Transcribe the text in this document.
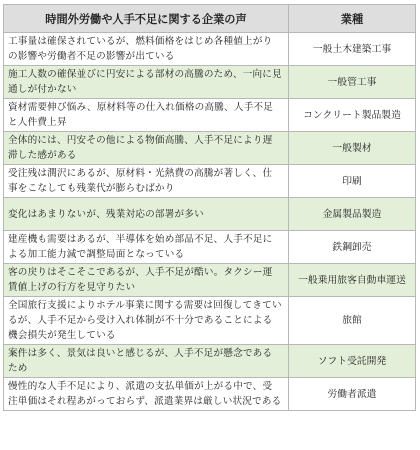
時間外労働や人手不足に関する企業の声	業種
工事量は確保されているが、燃料価格をはじめ各種値上がりの影響や労働者不足の影響が出ている	一般土木建築工事
施工人数の確保並びに円安による部材の高騰のため、一向に見通しが付かない	一般管工事
資材需要伸び悩み、原材料等の仕入れ価格の高騰、人手不足と人件費上昇	コンクリート製品製造
全体的には、円安その他による物価高騰、人手不足により遅滞した感がある	一般製材
受注残は潤沢にあるが、原材料・光熱費の高騰が著しく、仕事をこなしても残業代が膨らむばかり	印刷
変化はあまりないが、残業対応の部署が多い	金属製品製造
建産機も需要はあるが、半導体を始め部品不足、人手不足による加工能力減で調整局面となっている	鉄鋼卸売
客の戻りはそこそこであるが、人手不足が酷い。タクシー運賃値上げの行方を見守りたい	一般乗用旅客自動車運送
全国旅行支援によりホテル事業に関する需要は回復してきているが、人手不足から受け入れ体制が不十分であることによる機会損失が発生している	旅館
案件は多く、景気は良いと感じるが、人手不足が懸念であるため	ソフト受託開発
慢性的な人手不足により、派遣の支払単価が上がる中で、受注単価はそれ程あがっておらず、派遣業界は厳しい状況である	労働者派遣
